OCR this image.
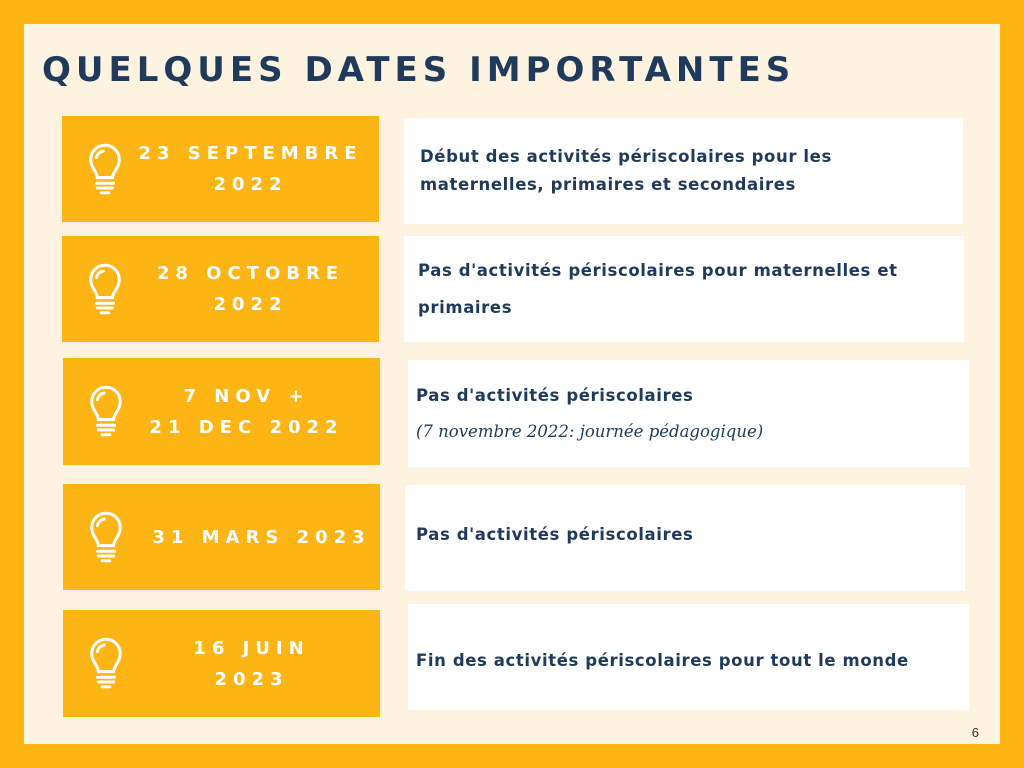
QUELQUES DATES IMPORTANTES
23 SEPTEMBRE
2022
Début des activités périscolaires pour les maternelles, primaires et secondaires
28 OCTOBRE
2022
Pas d'activités périscolaires pour maternelles et primaires
7 NOV +
21 DEC 2022
Pas d'activités périscolaires
(7 novembre 2022: journée pédagogique)
31 MARS 2023	Pas d'activités périscolaires
16 JUIN
2023
Fin des activités périscolaires pour tout le monde
6
